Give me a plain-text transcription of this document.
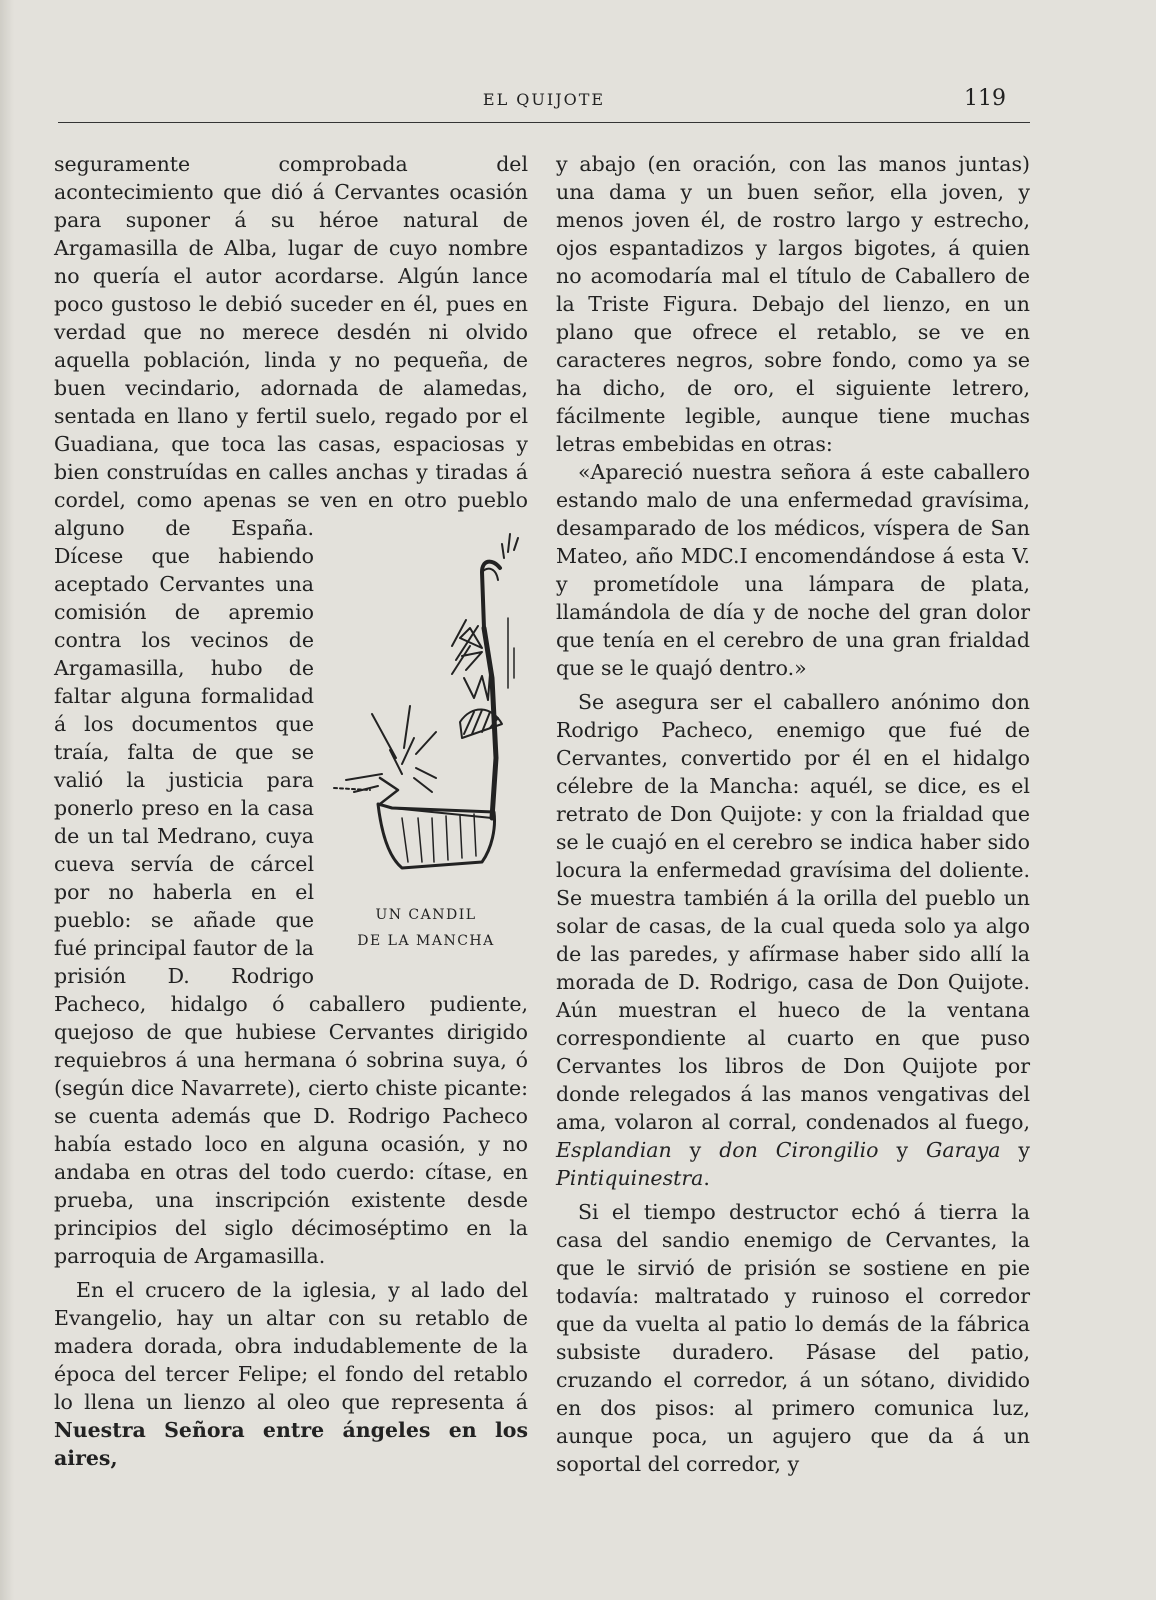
EL QUIJOTE	119

seguramente comprobada del acontecimiento que dió á Cervantes ocasión para suponer á su héroe natural de Argamasilla de Alba, lugar de cuyo nombre no quería el autor acordarse. Algún lance poco gustoso le debió suceder en él, pues en verdad que no merece desdén ni olvido aquella población, linda y no pequeña, de buen vecindario, adornada de alamedas, sentada en llano y fertil suelo, regado por el Guadiana, que toca las casas, espaciosas y bien construídas en calles anchas y tiradas á cordel, como apenas se ven
UN CANDIL
DE LA MANCHA
en otro pueblo alguno de España. Dícese que habiendo aceptado Cervantes una comisión de apremio contra los vecinos de Argamasilla, hubo de faltar alguna formalidad á los documentos que traía, falta de que se valió la justicia para ponerlo preso en la casa de un tal Medrano, cuya cueva servía de cárcel por no haberla en el pueblo: se añade que fué principal fautor de la prisión D. Rodrigo Pacheco, hidalgo ó caballero pudiente, quejoso de que hubiese Cervantes dirigido requiebros á una hermana ó sobrina suya, ó (según dice Navarrete), cierto chiste picante: se cuenta además que D. Rodrigo Pacheco había estado loco en alguna ocasión, y no andaba en otras del todo cuerdo: cítase, en prueba, una inscripción existente desde principios del siglo décimoséptimo en la parroquia de Argamasilla.

En el crucero de la iglesia, y al lado del Evangelio, hay un altar con su retablo de madera dorada, obra indudablemente de la época del tercer Felipe; el fondo del retablo lo llena un lienzo al oleo que representa á Nuestra Señora entre ángeles en los aires,

y abajo (en oración, con las manos juntas) una dama y un buen señor, ella joven, y menos joven él, de rostro largo y estrecho, ojos espantadizos y largos bigotes, á quien no acomodaría mal el título de Caballero de la Triste Figura. Debajo del lienzo, en un plano que ofrece el retablo, se ve en caracteres negros, sobre fondo, como ya se ha dicho, de oro, el siguiente letrero, fácilmente legible, aunque tiene muchas letras embebidas en otras:

«Apareció nuestra señora á este caballero estando malo de una enfermedad gravísima, desamparado de los médicos, víspera de San Mateo, año MDC.I encomendándose á esta V. y prometídole una lámpara de plata, llamándola de día y de noche del gran dolor que tenía en el cerebro de una gran frialdad que se le quajó dentro.»

Se asegura ser el caballero anónimo don Rodrigo Pacheco, enemigo que fué de Cervantes, convertido por él en el hidalgo célebre de la Mancha: aquél, se dice, es el retrato de Don Quijote: y con la frialdad que se le cuajó en el cerebro se indica haber sido locura la enfermedad gravísima del doliente. Se muestra también á la orilla del pueblo un solar de casas, de la cual queda solo ya algo de las paredes, y afírmase haber sido allí la morada de D. Rodrigo, casa de Don Quijote. Aún muestran el hueco de la ventana correspondiente al cuarto en que puso Cervantes los libros de Don Quijote por donde relegados á las manos vengativas del ama, volaron al corral, condenados al fuego, Esplandian y don Cirongilio y Garaya y Pintiquinestra.

Si el tiempo destructor echó á tierra la casa del sandio enemigo de Cervantes, la que le sirvió de prisión se sostiene en pie todavía: maltratado y ruinoso el corredor que da vuelta al patio lo demás de la fábrica subsiste duradero. Pásase del patio, cruzando el corredor, á un sótano, dividido en dos pisos: al primero comunica luz, aunque poca, un agujero que da á un soportal del corredor, y
